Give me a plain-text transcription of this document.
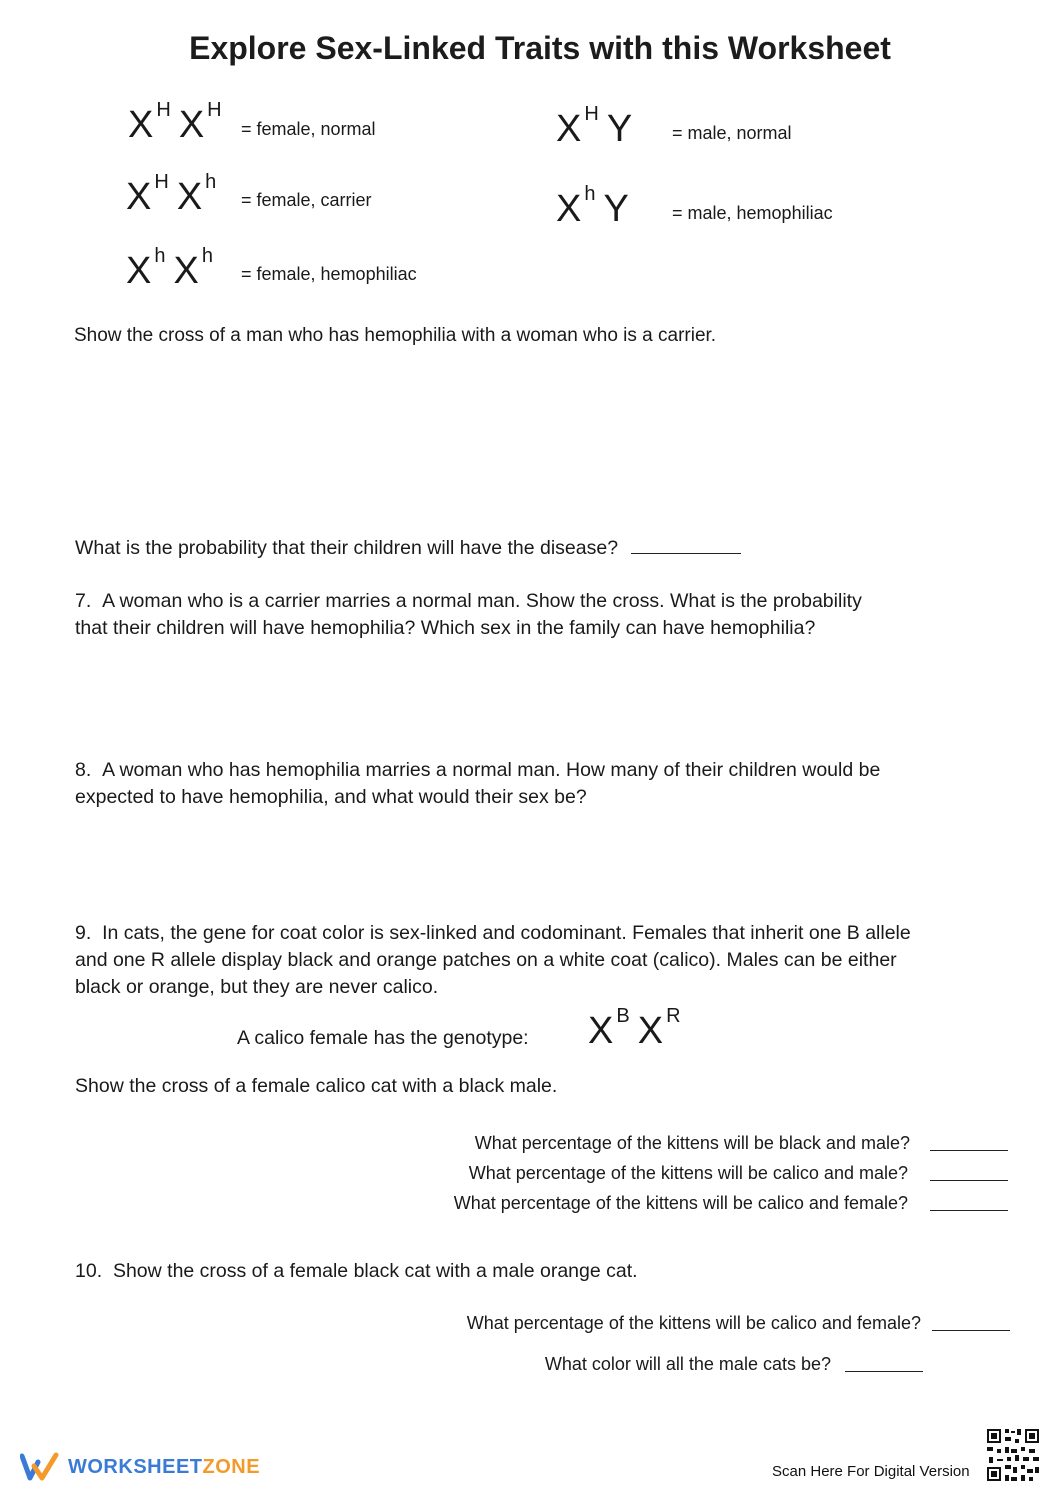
Explore Sex-Linked Traits with this Worksheet
X $^H$ X $^H$
= female, normal
X $^H$ X $^h$
= female, carrier
X $^h$ X $^h$
= female, hemophiliac
X $^H$ Y = male, normal
X $^h$ Y = male, hemophiliac
Show the cross of a man who has hemophilia with a woman who is a carrier.
What is the probability that their children will have the disease?
7. A woman who is a carrier marries a normal man. Show the cross. What is the probability
that their children will have hemophilia? Which sex in the family can have hemophilia?
8. A woman who has hemophilia marries a normal man. How many of their children would be
expected to have hemophilia, and what would their sex be?
9. In cats, the gene for coat color is sex-linked and codominant. Females that inherit one B allele
and one R allele display black and orange patches on a white coat (calico). Males can be either
black or orange, but they are never calico.
A calico female has the genotype: X $^B$ X $^R$
Show the cross of a female calico cat with a black male.
What percentage of the kittens will be black and male?
What percentage of the kittens will be calico and male?
What percentage of the kittens will be calico and female?
10. Show the cross of a female black cat with a male orange cat.
What percentage of the kittens will be calico and female?
What color will all the male cats be?
WORKSHEETZONE	Scan Here For Digital Version
